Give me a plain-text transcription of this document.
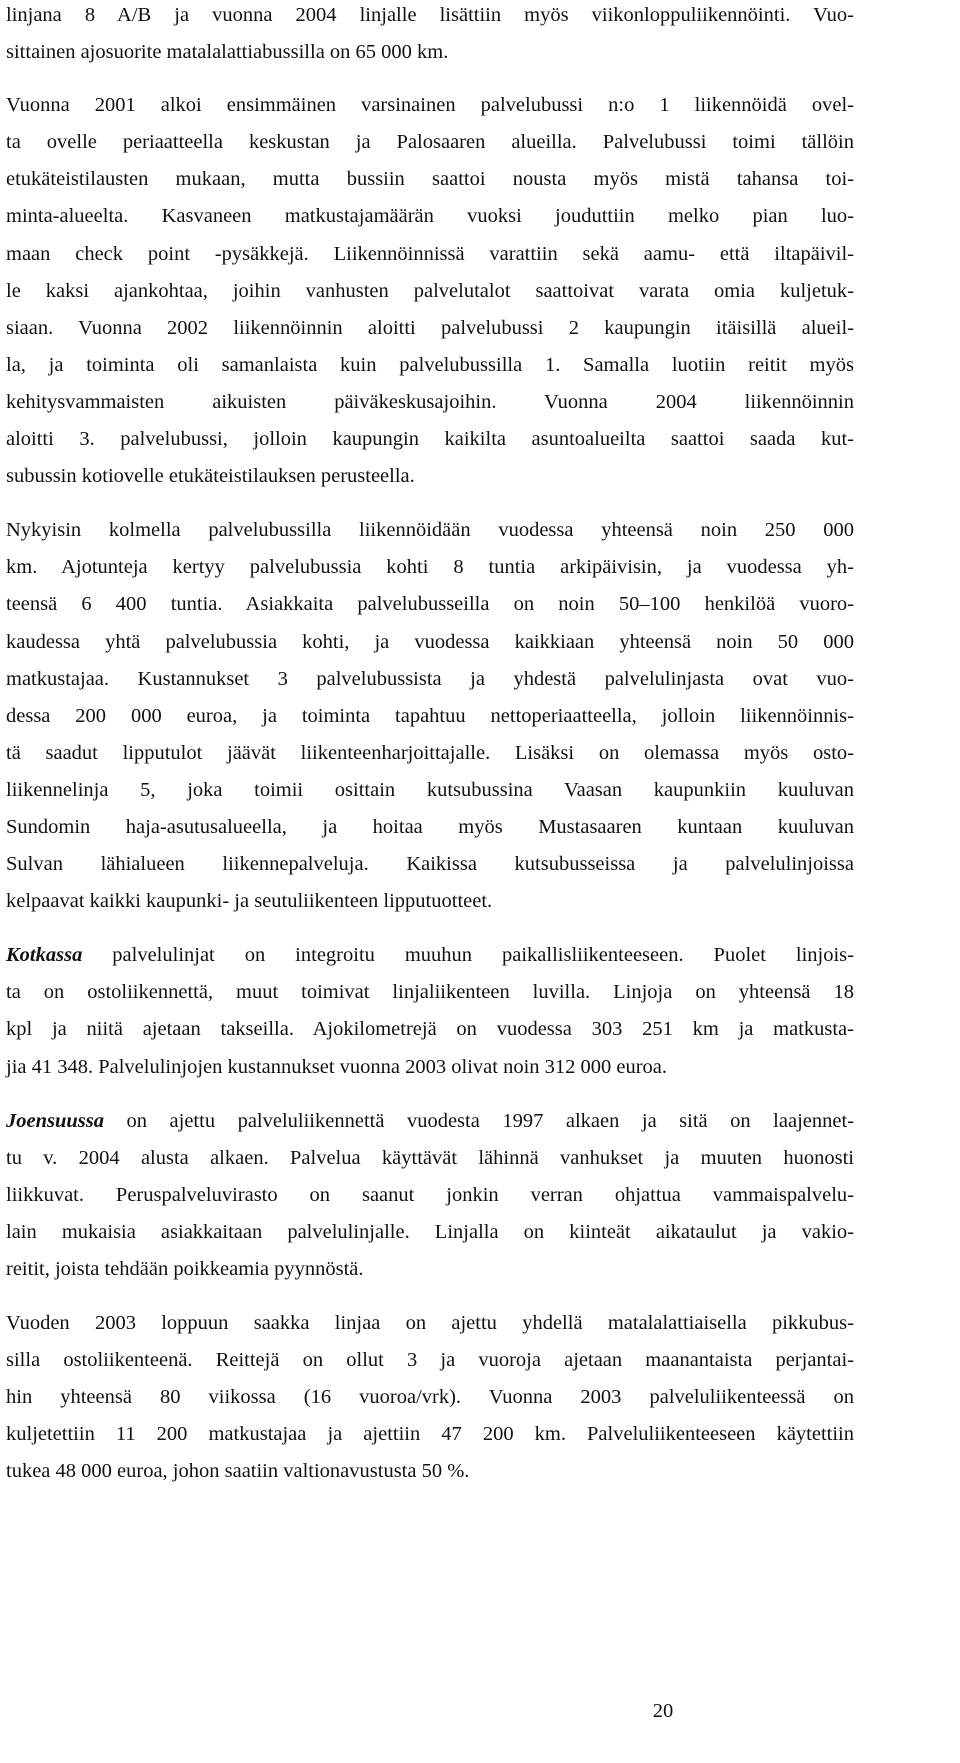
linjana 8 A/B ja vuonna 2004 linjalle lisättiin myös viikonloppuliikennöinti. Vuo-
sittainen ajosuorite matalalattiabussilla on 65 000 km.
Vuonna 2001 alkoi ensimmäinen varsinainen palvelubussi n:o 1 liikennöidä ovel-
ta ovelle periaatteella keskustan ja Palosaaren alueilla. Palvelubussi toimi tällöin
etukäteistilausten mukaan, mutta bussiin saattoi nousta myös mistä tahansa toi-
minta-alueelta. Kasvaneen matkustajamäärän vuoksi jouduttiin melko pian luo-
maan check point -pysäkkejä. Liikennöinnissä varattiin sekä aamu- että iltapäivil-
le kaksi ajankohtaa, joihin vanhusten palvelutalot saattoivat varata omia kuljetuk-
siaan. Vuonna 2002 liikennöinnin aloitti palvelubussi 2 kaupungin itäisillä alueil-
la, ja toiminta oli samanlaista kuin palvelubussilla 1. Samalla luotiin reitit myös
kehitysvammaisten aikuisten päiväkeskusajoihin. Vuonna 2004 liikennöinnin
aloitti 3. palvelubussi, jolloin kaupungin kaikilta asuntoalueilta saattoi saada kut-
subussin kotiovelle etukäteistilauksen perusteella.
Nykyisin kolmella palvelubussilla liikennöidään vuodessa yhteensä noin 250 000
km. Ajotunteja kertyy palvelubussia kohti 8 tuntia arkipäivisin, ja vuodessa yh-
teensä 6 400 tuntia. Asiakkaita palvelubusseilla on noin 50–100 henkilöä vuoro-
kaudessa yhtä palvelubussia kohti, ja vuodessa kaikkiaan yhteensä noin 50 000
matkustajaa. Kustannukset 3 palvelubussista ja yhdestä palvelulinjasta ovat vuo-
dessa 200 000 euroa, ja toiminta tapahtuu nettoperiaatteella, jolloin liikennöinnis-
tä saadut lipputulot jäävät liikenteenharjoittajalle. Lisäksi on olemassa myös osto-
liikennelinja 5, joka toimii osittain kutsubussina Vaasan kaupunkiin kuuluvan
Sundomin haja-asutusalueella, ja hoitaa myös Mustasaaren kuntaan kuuluvan
Sulvan lähialueen liikennepalveluja. Kaikissa kutsubusseissa ja palvelulinjoissa
kelpaavat kaikki kaupunki- ja seutuliikenteen lipputuotteet.
Kotkassa palvelulinjat on integroitu muuhun paikallisliikenteeseen. Puolet linjois-
ta on ostoliikennettä, muut toimivat linjaliikenteen luvilla. Linjoja on yhteensä 18
kpl ja niitä ajetaan takseilla. Ajokilometrejä on vuodessa 303 251 km ja matkusta-
jia 41 348. Palvelulinjojen kustannukset vuonna 2003 olivat noin 312 000 euroa.
Joensuussa on ajettu palveluliikennettä vuodesta 1997 alkaen ja sitä on laajennet-
tu v. 2004 alusta alkaen. Palvelua käyttävät lähinnä vanhukset ja muuten huonosti
liikkuvat. Peruspalveluvirasto on saanut jonkin verran ohjattua vammaispalvelu-
lain mukaisia asiakkaitaan palvelulinjalle. Linjalla on kiinteät aikataulut ja vakio-
reitit, joista tehdään poikkeamia pyynnöstä.
Vuoden 2003 loppuun saakka linjaa on ajettu yhdellä matalalattiaisella pikkubus-
silla ostoliikenteenä. Reittejä on ollut 3 ja vuoroja ajetaan maanantaista perjantai-
hin yhteensä 80 viikossa (16 vuoroa/vrk). Vuonna 2003 palveluliikenteessä on
kuljetettiin 11 200 matkustajaa ja ajettiin 47 200 km. Palveluliikenteeseen käytettiin
tukea 48 000 euroa, johon saatiin valtionavustusta 50 %.
20
